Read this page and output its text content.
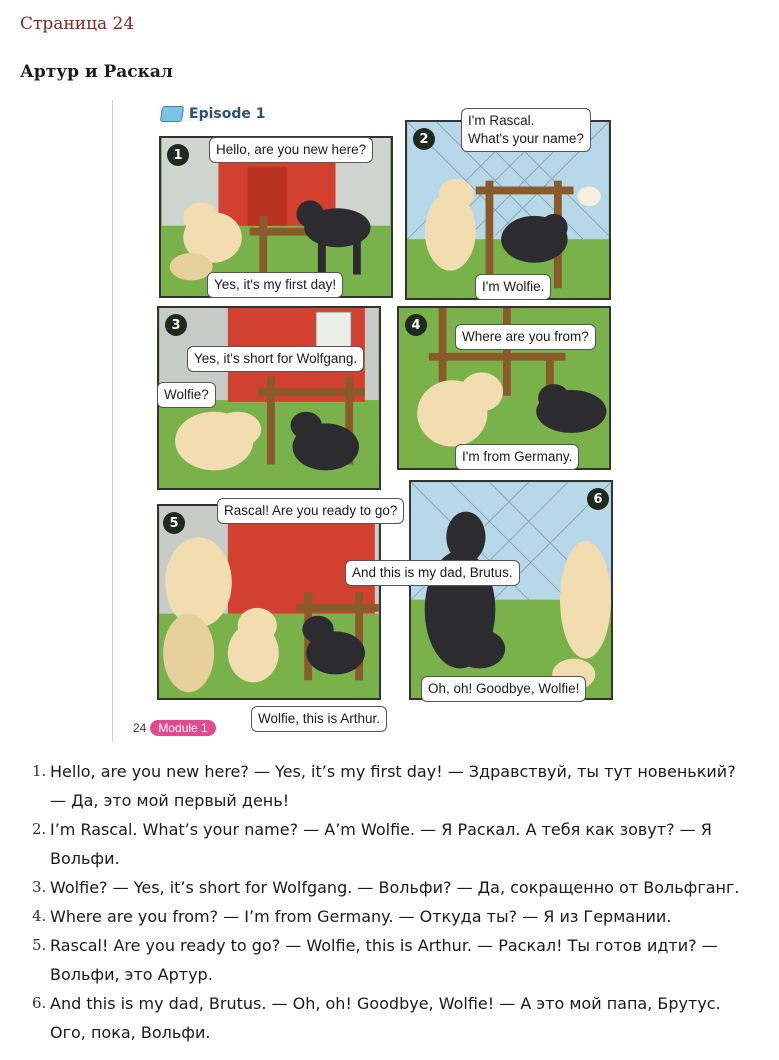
Страница 24
Артур и Раскал
Episode 1
1	Hello, are you new here?
Yes, it's my first day!
2
I'm Rascal.
What's your name?
I'm Wolfie.
3
Yes, it's short for Wolfgang.
Wolfie?
4
Where are you from?
I'm from Germany.
5
Rascal! Are you ready to go?
Wolfie, this is Arthur.
6
And this is my dad, Brutus.
Oh, oh! Goodbye, Wolfie!
24	Module 1
1. Hello, are you new here? — Yes, it’s my first day! — Здравствуй, ты тут новенький? — Да, это мой первый день!
2. I’m Rascal. What’s your name? — A’m Wolfie. — Я Раскал. А тебя как зовут? — Я Вольфи.
3. Wolfie? — Yes, it’s short for Wolfgang. — Вольфи? — Да, сокращенно от Вольфганг.
4. Where are you from? — I’m from Germany. — Откуда ты? — Я из Германии.
5. Rascal! Are you ready to go? — Wolfie, this is Arthur. — Раскал! Ты готов идти? — Вольфи, это Артур.
6. And this is my dad, Brutus. — Oh, oh! Goodbye, Wolfie! — А это мой папа, Брутус. Ого, пока, Вольфи.
